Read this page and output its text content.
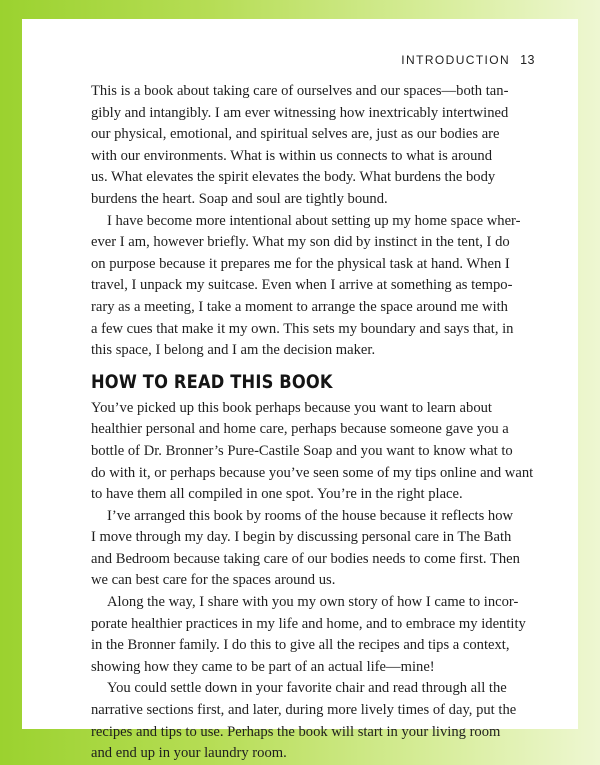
INTRODUCTION 13
This is a book about taking care of ourselves and our spaces—both tan-
gibly and intangibly. I am ever witnessing how inextricably intertwined
our physical, emotional, and spiritual selves are, just as our bodies are
with our environments. What is within us connects to what is around
us. What elevates the spirit elevates the body. What burdens the body
burdens the heart. Soap and soul are tightly bound.
I have become more intentional about setting up my home space wher-
ever I am, however briefly. What my son did by instinct in the tent, I do
on purpose because it prepares me for the physical task at hand. When I
travel, I unpack my suitcase. Even when I arrive at something as tempo-
rary as a meeting, I take a moment to arrange the space around me with
a few cues that make it my own. This sets my boundary and says that, in
this space, I belong and I am the decision maker.
HOW TO READ THIS BOOK
You’ve picked up this book perhaps because you want to learn about
healthier personal and home care, perhaps because someone gave you a
bottle of Dr. Bronner’s Pure-Castile Soap and you want to know what to
do with it, or perhaps because you’ve seen some of my tips online and want
to have them all compiled in one spot. You’re in the right place.
I’ve arranged this book by rooms of the house because it reflects how
I move through my day. I begin by discussing personal care in The Bath
and Bedroom because taking care of our bodies needs to come first. Then
we can best care for the spaces around us.
Along the way, I share with you my own story of how I came to incor-
porate healthier practices in my life and home, and to embrace my identity
in the Bronner family. I do this to give all the recipes and tips a context,
showing how they came to be part of an actual life—mine!
You could settle down in your favorite chair and read through all the
narrative sections first, and later, during more lively times of day, put the
recipes and tips to use. Perhaps the book will start in your living room
and end up in your laundry room.
